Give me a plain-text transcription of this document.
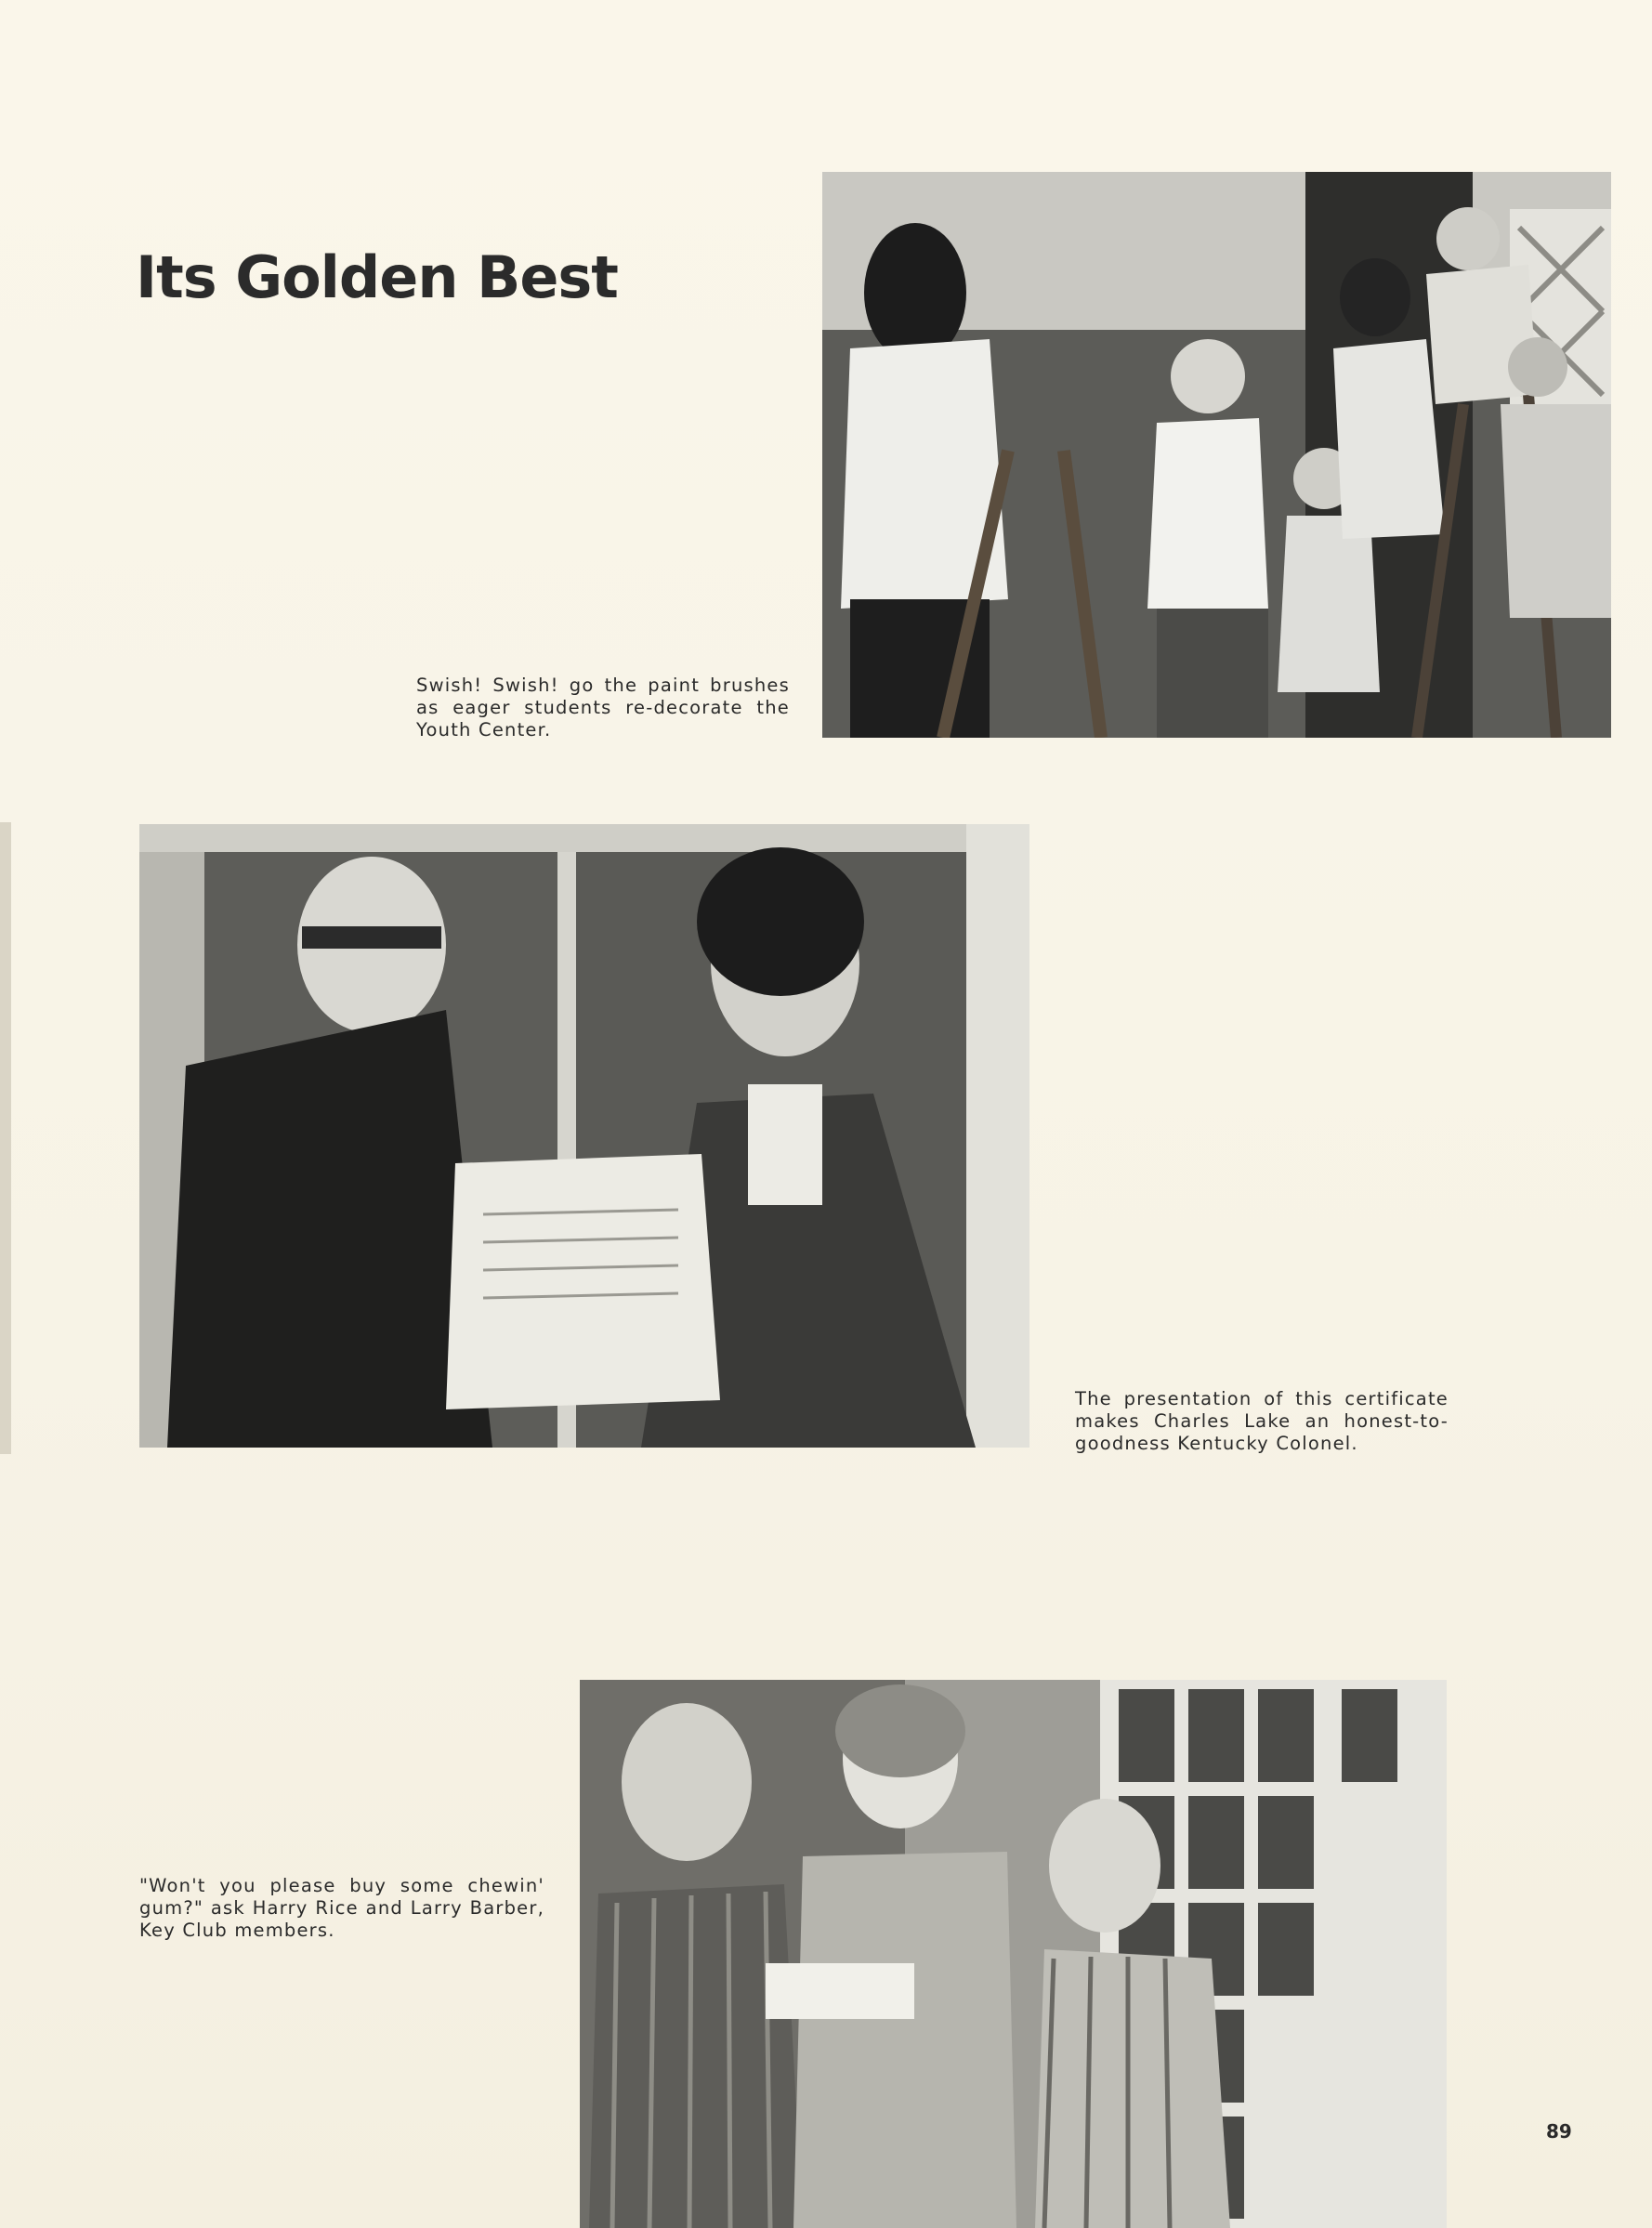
Its Golden Best

Swish! Swish! go the paint brushes as eager students re-decorate the Youth Center.

The presentation of this certificate makes Charles Lake an honest-to-goodness Kentucky Colonel.

"Won't you please buy some chewin' gum?" ask Harry Rice and Larry Barber, Key Club members.

89
